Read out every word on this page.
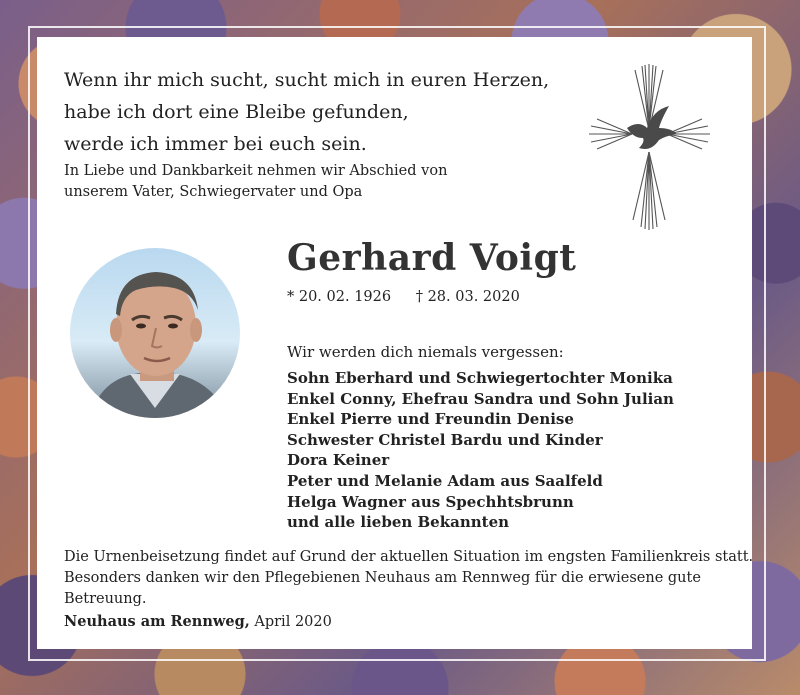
Wenn ihr mich sucht, sucht mich in euren Herzen,
habe ich dort eine Bleibe gefunden,
werde ich immer bei euch sein.

In Liebe und Dankbarkeit nehmen wir Abschied von
unserem Vater, Schwiegervater und Opa

Gerhard Voigt
* 20. 02. 1926 † 28. 03. 2020
Wir werden dich niemals vergessen:
Sohn Eberhard und Schwiegertochter Monika
Enkel Conny, Ehefrau Sandra und Sohn Julian
Enkel Pierre und Freundin Denise
Schwester Christel Bardu und Kinder
Dora Keiner
Peter und Melanie Adam aus Saalfeld
Helga Wagner aus Spechhtsbrunn
und alle lieben Bekannten

Die Urnenbeisetzung findet auf Grund der aktuellen Situation im engsten Familienkreis statt.
Besonders danken wir den Pflegebienen Neuhaus am Rennweg für die erwiesene gute
Betreuung.

Neuhaus am Rennweg, April 2020
